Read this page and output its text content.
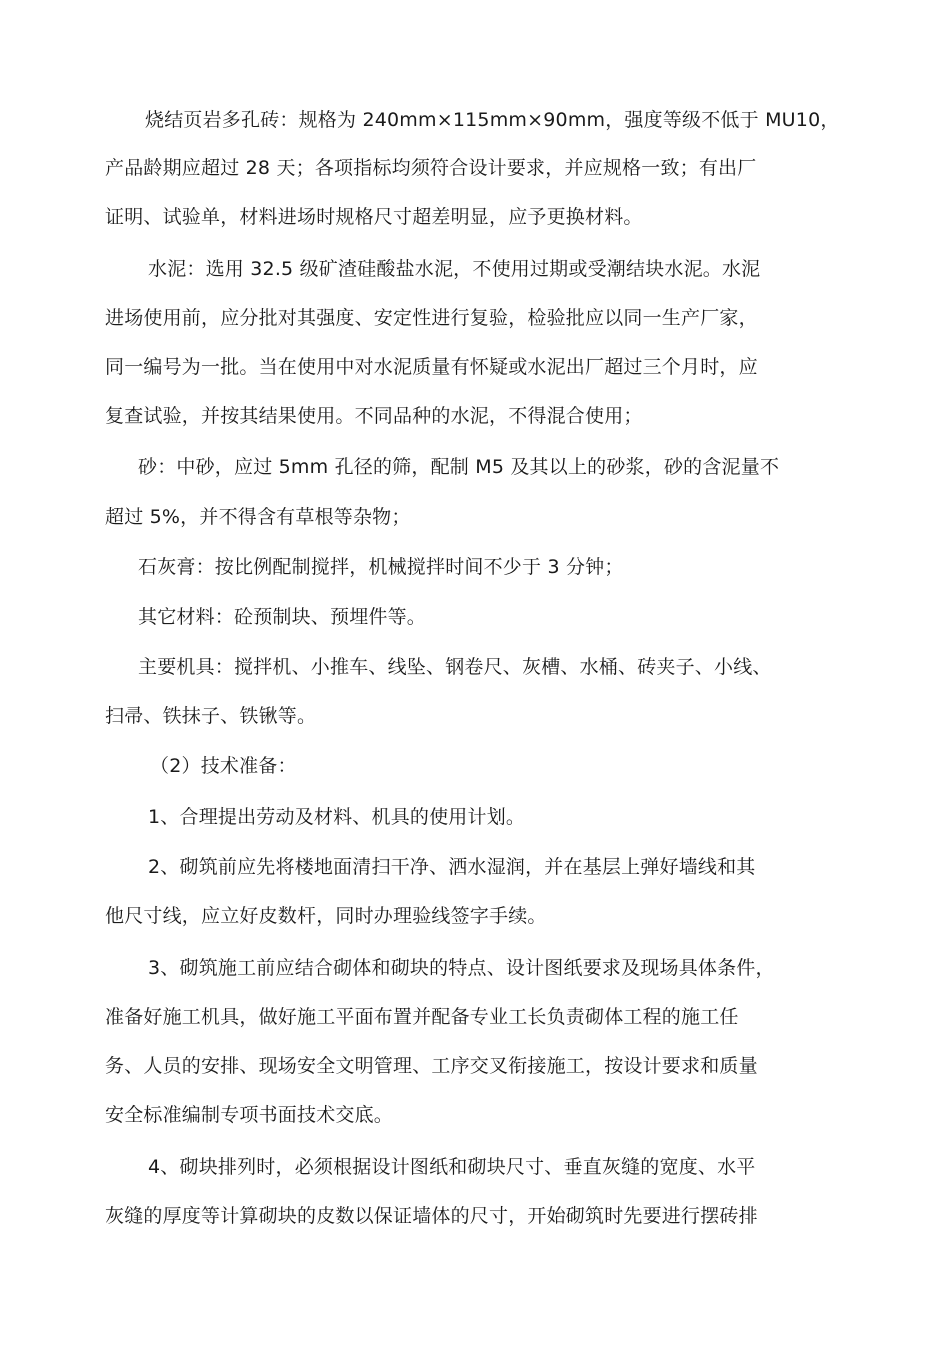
烧结页岩多孔砖：规格为 240mm×115mm×90mm，强度等级不低于 MU10，
产品龄期应超过 28 天；各项指标均须符合设计要求，并应规格一致；有出厂
证明、试验单，材料进场时规格尺寸超差明显，应予更换材料。
水泥：选用 32.5 级矿渣硅酸盐水泥，不使用过期或受潮结块水泥。水泥
进场使用前，应分批对其强度、安定性进行复验，检验批应以同一生产厂家，
同一编号为一批。当在使用中对水泥质量有怀疑或水泥出厂超过三个月时，应
复查试验，并按其结果使用。不同品种的水泥，不得混合使用；
砂：中砂，应过 5mm 孔径的筛，配制 M5 及其以上的砂浆，砂的含泥量不
超过 5%，并不得含有草根等杂物；
石灰膏：按比例配制搅拌，机械搅拌时间不少于 3 分钟；
其它材料：砼预制块、预埋件等。
主要机具：搅拌机、小推车、线坠、钢卷尺、灰槽、水桶、砖夹子、小线、
扫帚、铁抹子、铁锹等。
（2）技术准备：
1、合理提出劳动及材料、机具的使用计划。
2、砌筑前应先将楼地面清扫干净、洒水湿润，并在基层上弹好墙线和其
他尺寸线，应立好皮数杆，同时办理验线签字手续。
3、砌筑施工前应结合砌体和砌块的特点、设计图纸要求及现场具体条件，
准备好施工机具，做好施工平面布置并配备专业工长负责砌体工程的施工任
务、人员的安排、现场安全文明管理、工序交叉衔接施工，按设计要求和质量
安全标准编制专项书面技术交底。
4、砌块排列时，必须根据设计图纸和砌块尺寸、垂直灰缝的宽度、水平
灰缝的厚度等计算砌块的皮数以保证墙体的尺寸，开始砌筑时先要进行摆砖排
